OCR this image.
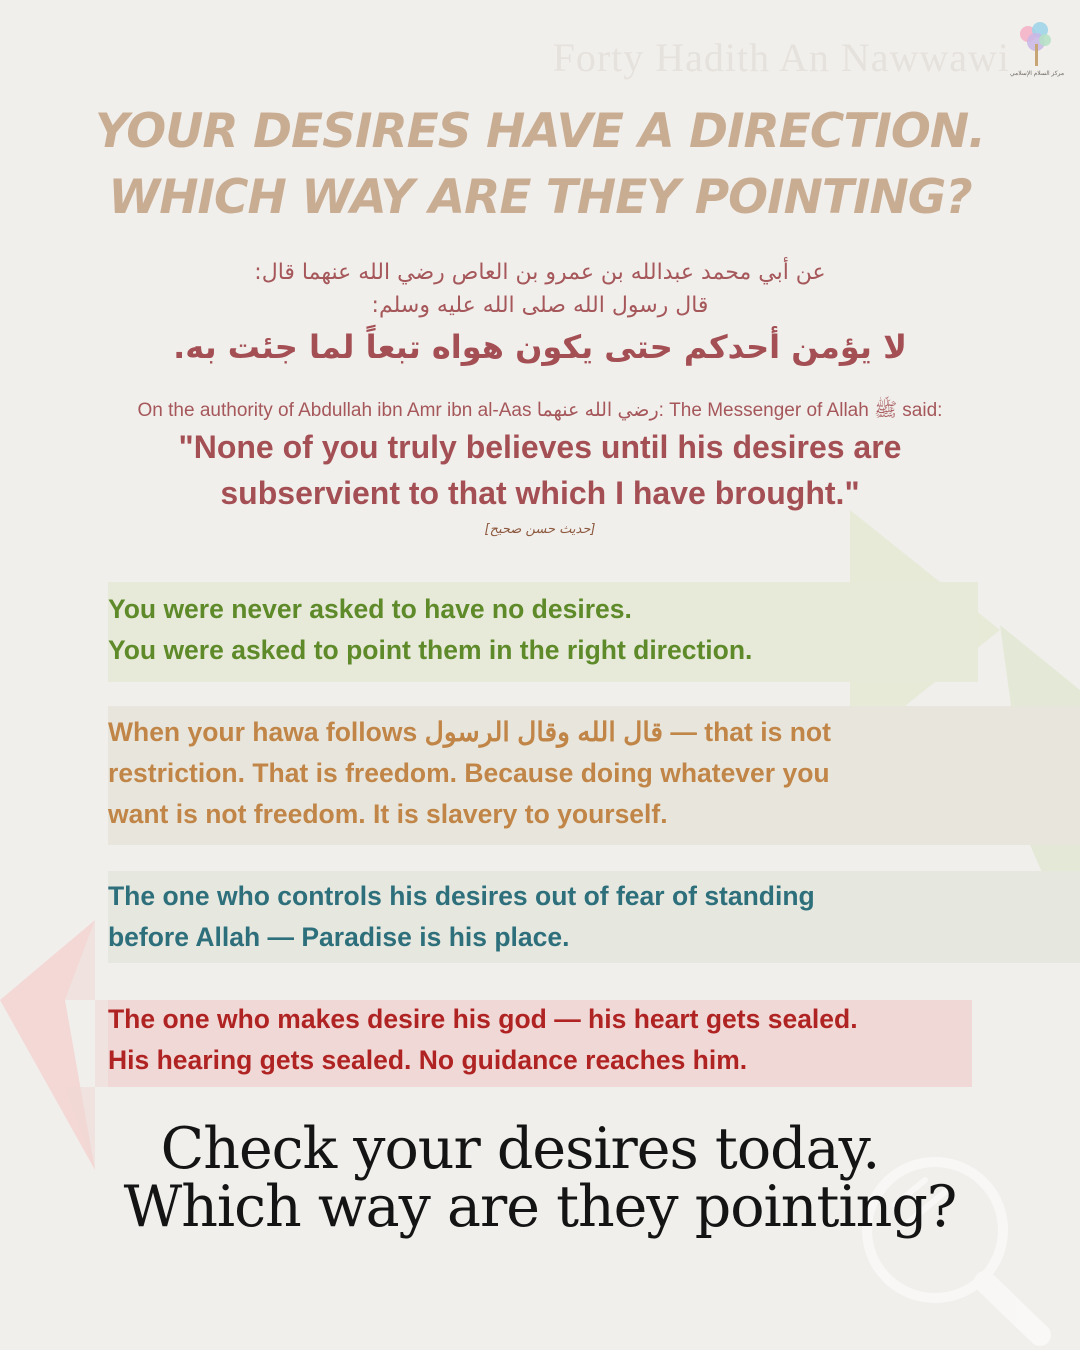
Forty Hadith An Nawwawi مركز السلام الإسلامي
YOUR DESIRES HAVE A DIRECTION.
WHICH WAY ARE THEY POINTING?
عن أبي محمد عبدالله بن عمرو بن العاص رضي الله عنهما قال:
قال رسول الله صلى الله عليه وسلم:
لا يؤمن أحدكم حتى يكون هواه تبعاً لما جئت به.
On the authority of Abdullah ibn Amr ibn al-Aas رضي الله عنهما: The Messenger of Allah ﷺ said:
"None of you truly believes until his desires are subservient to that which I have brought."
[حديث حسن صحيح]
You were never asked to have no desires.
You were asked to point them in the right direction.
When your hawa follows قال الله وقال الرسول — that is not
restriction. That is freedom. Because doing whatever you
want is not freedom. It is slavery to yourself.
The one who controls his desires out of fear of standing
before Allah — Paradise is his place.
The one who makes desire his god — his heart gets sealed.
His hearing gets sealed. No guidance reaches him.
Check your desires today.
Which way are they pointing?
